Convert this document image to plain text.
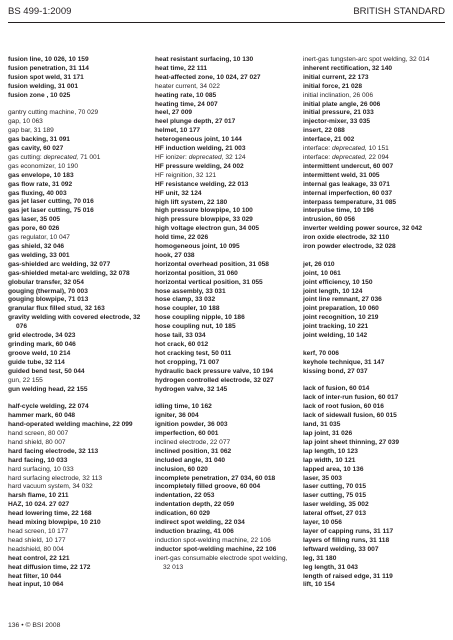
BS 499-1:2009	BRITISH STANDARD
fusion line, 10 026, 10 159
fusion penetration, 31 114
fusion spot weld, 31 171
fusion welding, 31 001
fusion zone , 10 025
gantry cutting machine, 70 029
gap, 10 063
gap bar, 31 189
gas backing, 31 091
gas cavity, 60 027
gas cutting: deprecated, 71 001
gas economizer, 10 190
gas envelope, 10 183
gas flow rate, 31 092
gas fluxing, 40 003
gas jet laser cutting, 70 016
gas jet laser cutting, 75 016
gas laser, 35 005
gas pore, 60 026
gas regulator, 10 047
gas shield, 32 046
gas welding, 33 001
gas-shielded arc welding, 32 077
gas-shielded metal-arc welding, 32 078
globular transfer, 32 054
gouging (thermal), 70 003
gouging blowpipe, 71 013
granular flux filled stud, 32 163
gravity welding with covered electrode, 32 076
grid electrode, 34 023
grinding mark, 60 046
groove weld, 10 214
guide tube, 32 114
guided bend test, 50 044
gun, 22 155
gun welding head, 22 155
half-cycle welding, 22 074
hammer mark, 60 048
hand-operated welding machine, 22 099
hand screen, 80 007
hand shield, 80 007
hard facing electrode, 32 113
hard facing, 10 033
hard surfacing, 10 033
hard surfacing electrode, 32 113
hard vacuum system, 34 032
harsh flame, 10 211
HAZ, 10 024. 27 027
head lowering time, 22 168
head mixing blowpipe, 10 210
head screen, 10 177
head shield, 10 177
headshield, 80 004
heat control, 22 121
heat diffusion time, 22 172
heat filter, 10 044
heat input, 10 064
heat resistant surfacing, 10 130
heat time, 22 111
heat-affected zone, 10 024, 27 027
heater current, 34 022
heating rate, 10 085
heating time, 24 007
heel, 27 009
heel plunge depth, 27 017
helmet, 10 177
heterogeneous joint, 10 144
HF induction welding, 21 003
HF ionizer: deprecated, 32 124
HF pressure welding, 24 002
HF reignition, 32 121
HF resistance welding, 22 013
HF unit, 32 124
high lift system, 22 180
high pressure blowpipe, 10 100
high pressure blowpipe, 33 029
high voltage electron gun, 34 005
hold time, 22 026
homogeneous joint, 10 095
hook, 27 038
horizontal overhead position, 31 058
horizontal position, 31 060
horizontal vertical position, 31 055
hose assembly, 33 031
hose clamp, 33 032
hose coupler, 10 188
hose coupling nipple, 10 186
hose coupling nut, 10 185
hose tail, 33 034
hot crack, 60 012
hot cracking test, 50 011
hot cropping, 71 007
hydraulic back pressure valve, 10 194
hydrogen controlled electrode, 32 027
hydrogen valve, 32 145
idling time, 10 162
igniter, 36 004
ignition powder, 36 003
imperfection, 60 001
inclined electrode, 22 077
inclined position, 31 062
included angle, 31 040
inclusion, 60 020
incomplete penetration, 27 034, 60 018
incompletely filled groove, 60 004
indentation, 22 053
indentation depth, 22 059
indication, 60 029
indirect spot welding, 22 034
induction brazing, 41 006
induction spot-welding machine, 22 106
inductor spot-welding machine, 22 106
inert-gas consumable electrode spot welding, 32 013
inert-gas tungsten-arc spot welding, 32 014
inherent rectification, 32 140
initial current, 22 173
initial force, 21 028
initial inclination, 26 006
initial plate angle, 26 006
initial pressure, 21 033
injector-mixer, 33 035
insert, 22 088
interface, 21 002
interface: deprecated, 10 151
interface: deprecated, 22 094
intermittent undercut, 60 007
intermittent weld, 31 005
internal gas leakage, 33 071
internal imperfection, 60 037
interpass temperature, 31 085
interpulse time, 10 196
intrusion, 60 056
inverter welding power source, 32 042
iron oxide electrode, 32 110
iron powder electrode, 32 028
jet, 26 010
joint, 10 061
joint efficiency, 10 150
joint length, 10 124
joint line remnant, 27 036
joint preparation, 10 060
joint recognition, 10 219
joint tracking, 10 221
joint welding, 10 142
kerf, 70 006
keyhole technique, 31 147
kissing bond, 27 037
lack of fusion, 60 014
lack of inter-run fusion, 60 017
lack of root fusion, 60 016
lack of sidewall fusion, 60 015
land, 31 035
lap joint, 31 026
lap joint sheet thinning, 27 039
lap length, 10 123
lap width, 10 121
lapped area, 10 136
laser, 35 003
laser cutting, 70 015
laser cutting, 75 015
laser welding, 35 002
lateral offset, 27 013
layer, 10 056
layer of capping runs, 31 117
layers of filling runs, 31 118
leftward welding, 33 007
leg, 31 180
leg length, 31 043
length of raised edge, 31 119
lift, 10 154
136 • © BSI 2008
